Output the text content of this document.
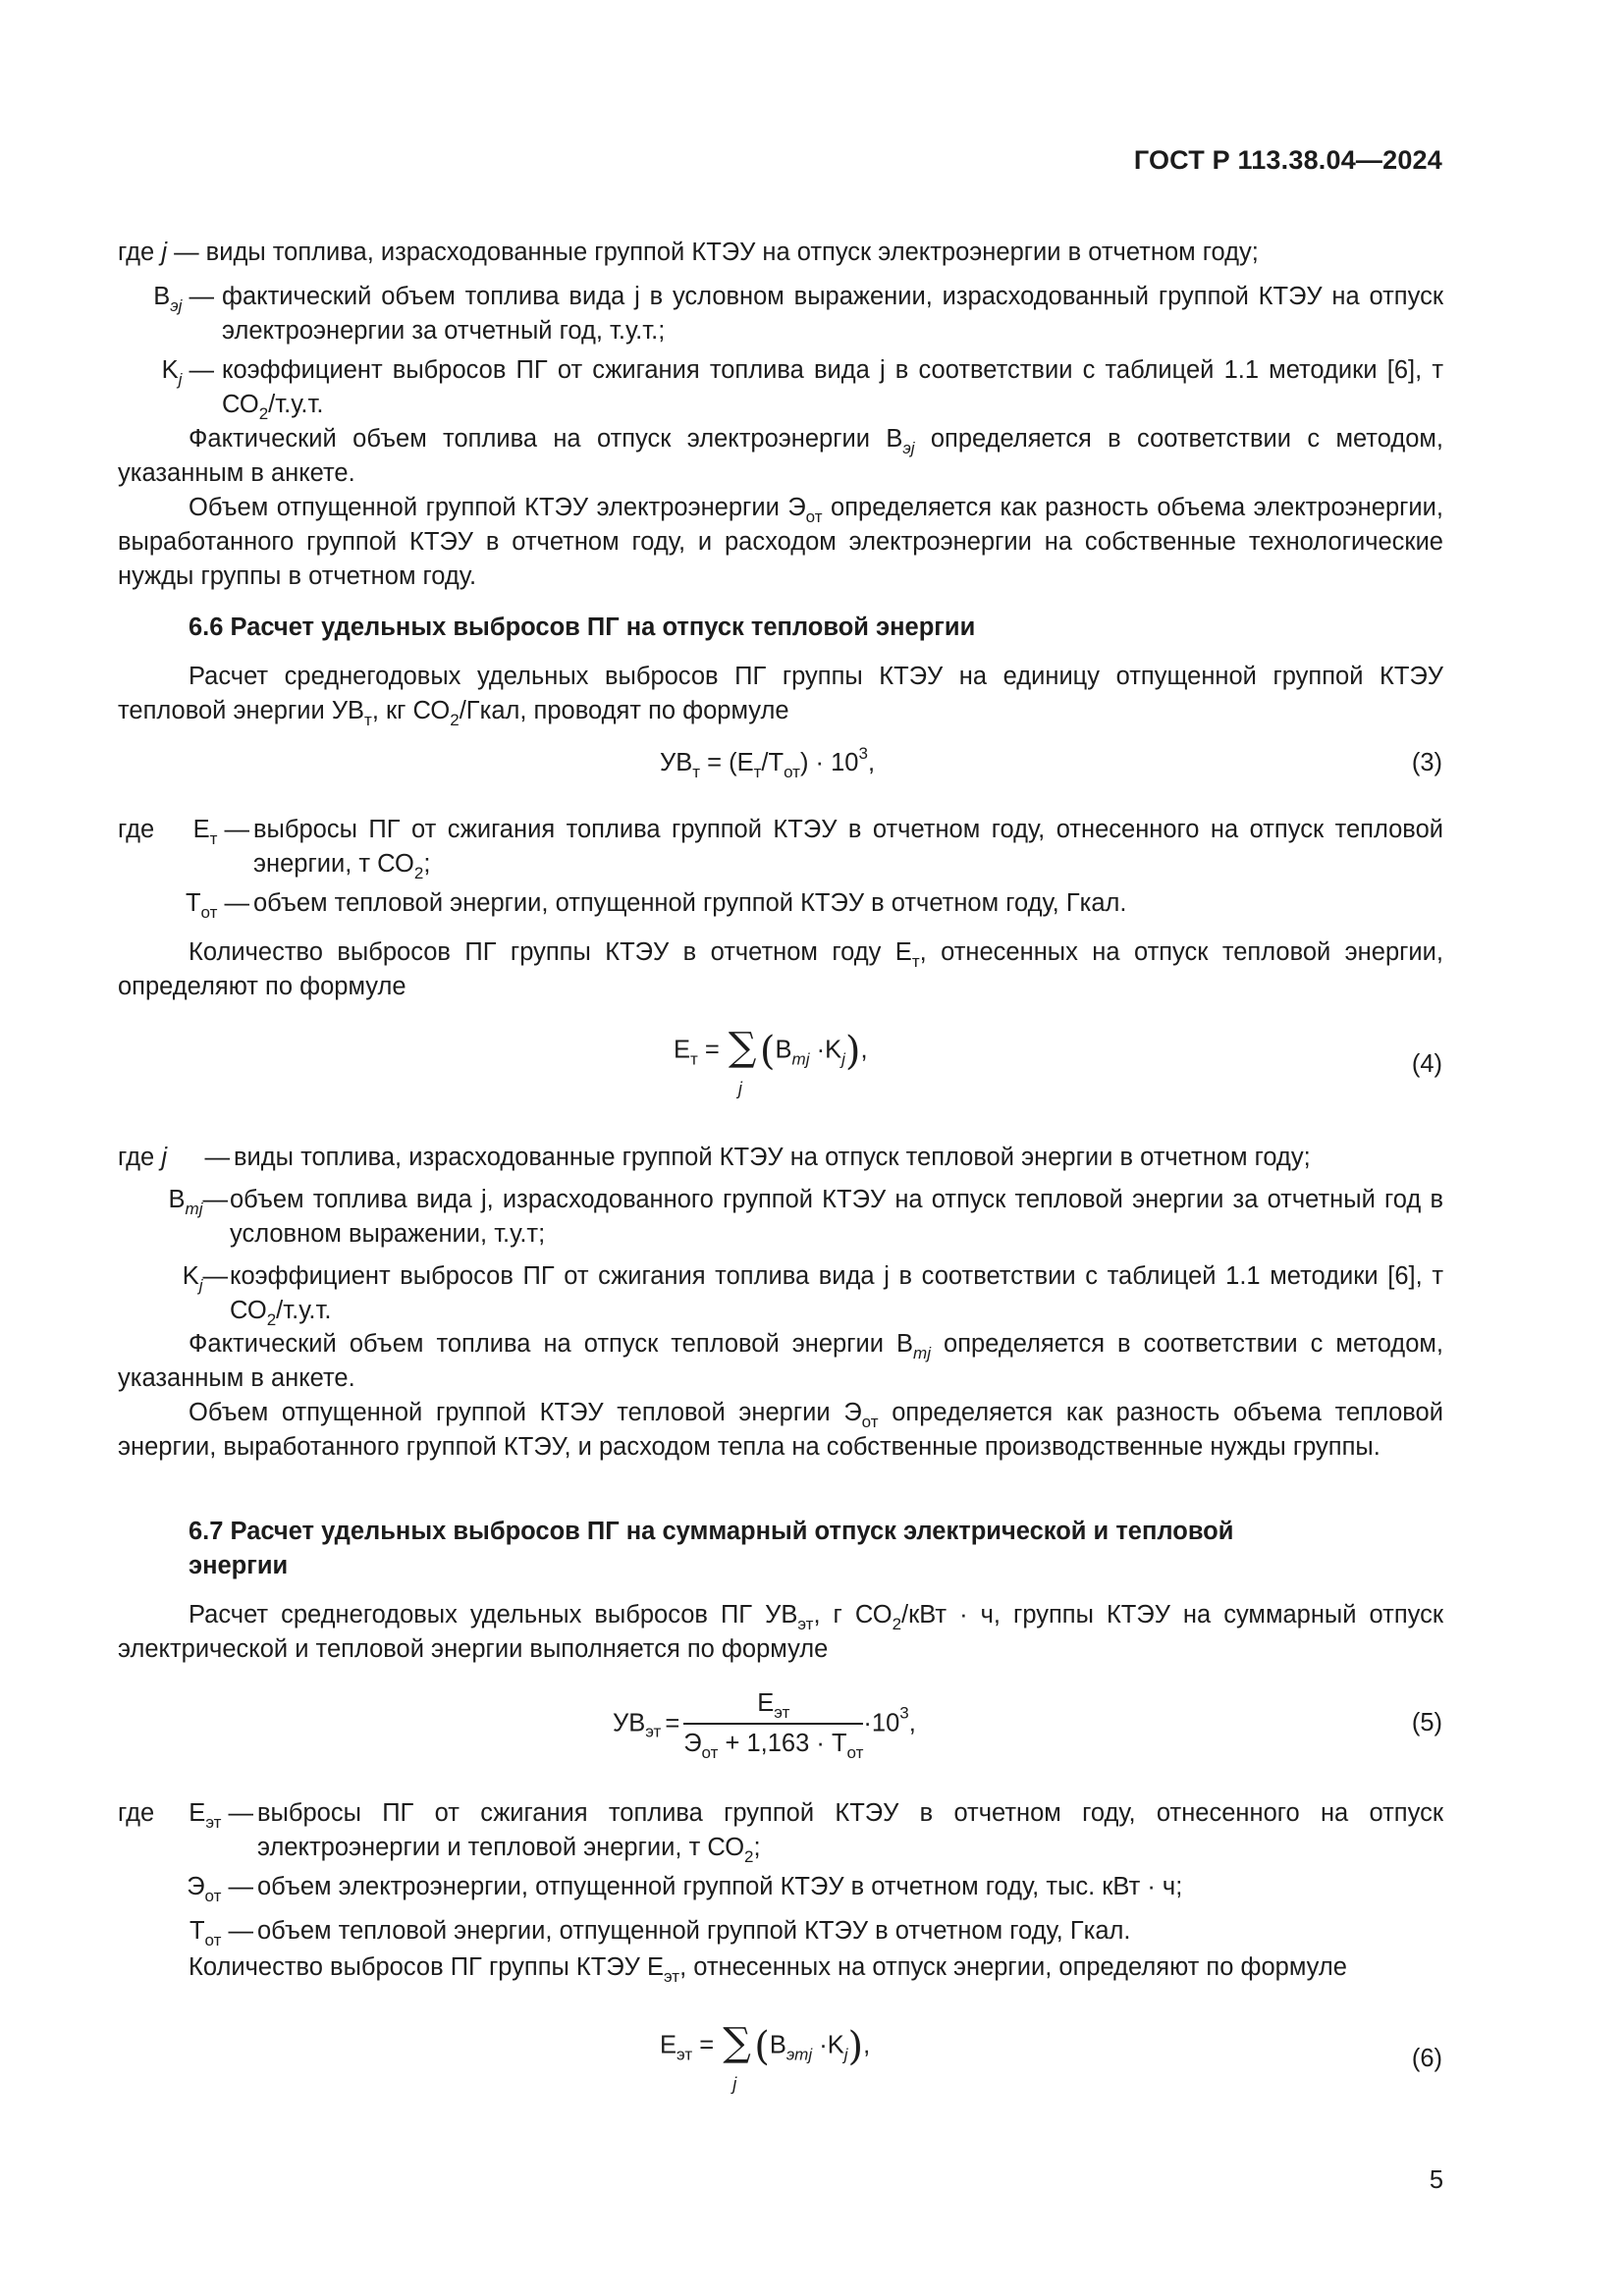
ГОСТ Р 113.38.04—2024
где j — виды топлива, израсходованные группой КТЭУ на отпуск электроэнергии в отчетном году;
$В_{эj}$ — фактический объем топлива вида j в условном выражении, израсходованный группой КТЭУ на отпуск электроэнергии за отчетный год, т.у.т.;
$K_j$ — коэффициент выбросов ПГ от сжигания топлива вида j в соответствии с таблицей 1.1 методики [6], т $СО_2/т.у.т$.
Фактический объем топлива на отпуск электроэнергии $В_{эj}$ определяется в соответствии с методом, указанным в анкете.
Объем отпущенной группой КТЭУ электроэнергии $Э_{от}$ определяется как разность объема электроэнергии, выработанного группой КТЭУ в отчетном году, и расходом электроэнергии на собственные технологические нужды группы в отчетном году.
6.6 Расчет удельных выбросов ПГ на отпуск тепловой энергии
Расчет среднегодовых удельных выбросов ПГ группы КТЭУ на единицу отпущенной группой КТЭУ тепловой энергии $УВ_т$, кг $СО_2$/Гкал, проводят по формуле
$УВ_т = (Е_т/Т_{от}) \cdot 10^3$,	(3)
где	$Е_т$ — выбросы ПГ от сжигания топлива группой КТЭУ в отчетном году, отнесенного на отпуск тепловой энергии, т $СО_2$;
$Т_{от}$ — объем тепловой энергии, отпущенной группой КТЭУ в отчетном году, Гкал.
Количество выбросов ПГ группы КТЭУ в отчетном году $Е_т$, отнесенных на отпуск тепловой энергии, определяют по формуле
$Е_т$ = ∑
j
$(В_{тj} \cdot K_j)$,
(4)
где j	— виды топлива, израсходованные группой КТЭУ на отпуск тепловой энергии в отчетном году;
$В_{тj}—$ объем топлива вида j, израсходованного группой КТЭУ на отпуск тепловой энергии за отчетный год в условном выражении, т.у.т;
$K_j—$ коэффициент выбросов ПГ от сжигания топлива вида j в соответствии с таблицей 1.1 методики [6], т $СО_2/т.у.т$.
Фактический объем топлива на отпуск тепловой энергии $В_{тj}$ определяется в соответствии с методом, указанным в анкете.
Объем отпущенной группой КТЭУ тепловой энергии $Э_{от}$ определяется как разность объема тепловой энергии, выработанного группой КТЭУ, и расходом тепла на собственные производственные нужды группы.
6.7 Расчет удельных выбросов ПГ на суммарный отпуск электрической и тепловой
энергии
Расчет среднегодовых удельных выбросов ПГ $УВ_{эт}$, г $СО_2$/кВт · ч, группы КТЭУ на суммарный отпуск электрической и тепловой энергии выполняется по формуле
$УВ_{эт} = \frac{Е_{эт}}{Э_{от} + 1,163 \cdot Т_{от}} \cdot 10^3$,	(5)
где	$Е_{эт}$ — выбросы ПГ от сжигания топлива группой КТЭУ в отчетном году, отнесенного на отпуск электроэнергии и тепловой энергии, т $СО_2$;
$Э_{от}$ — объем электроэнергии, отпущенной группой КТЭУ в отчетном году, тыс. кВт · ч;
$Т_{от}$ — объем тепловой энергии, отпущенной группой КТЭУ в отчетном году, Гкал.
Количество выбросов ПГ группы КТЭУ $Е_{эт}$, отнесенных на отпуск энергии, определяют по формуле
$Е_{эт}$ = ∑
j
$(В_{этj} \cdot K_j)$,	(6)
5
